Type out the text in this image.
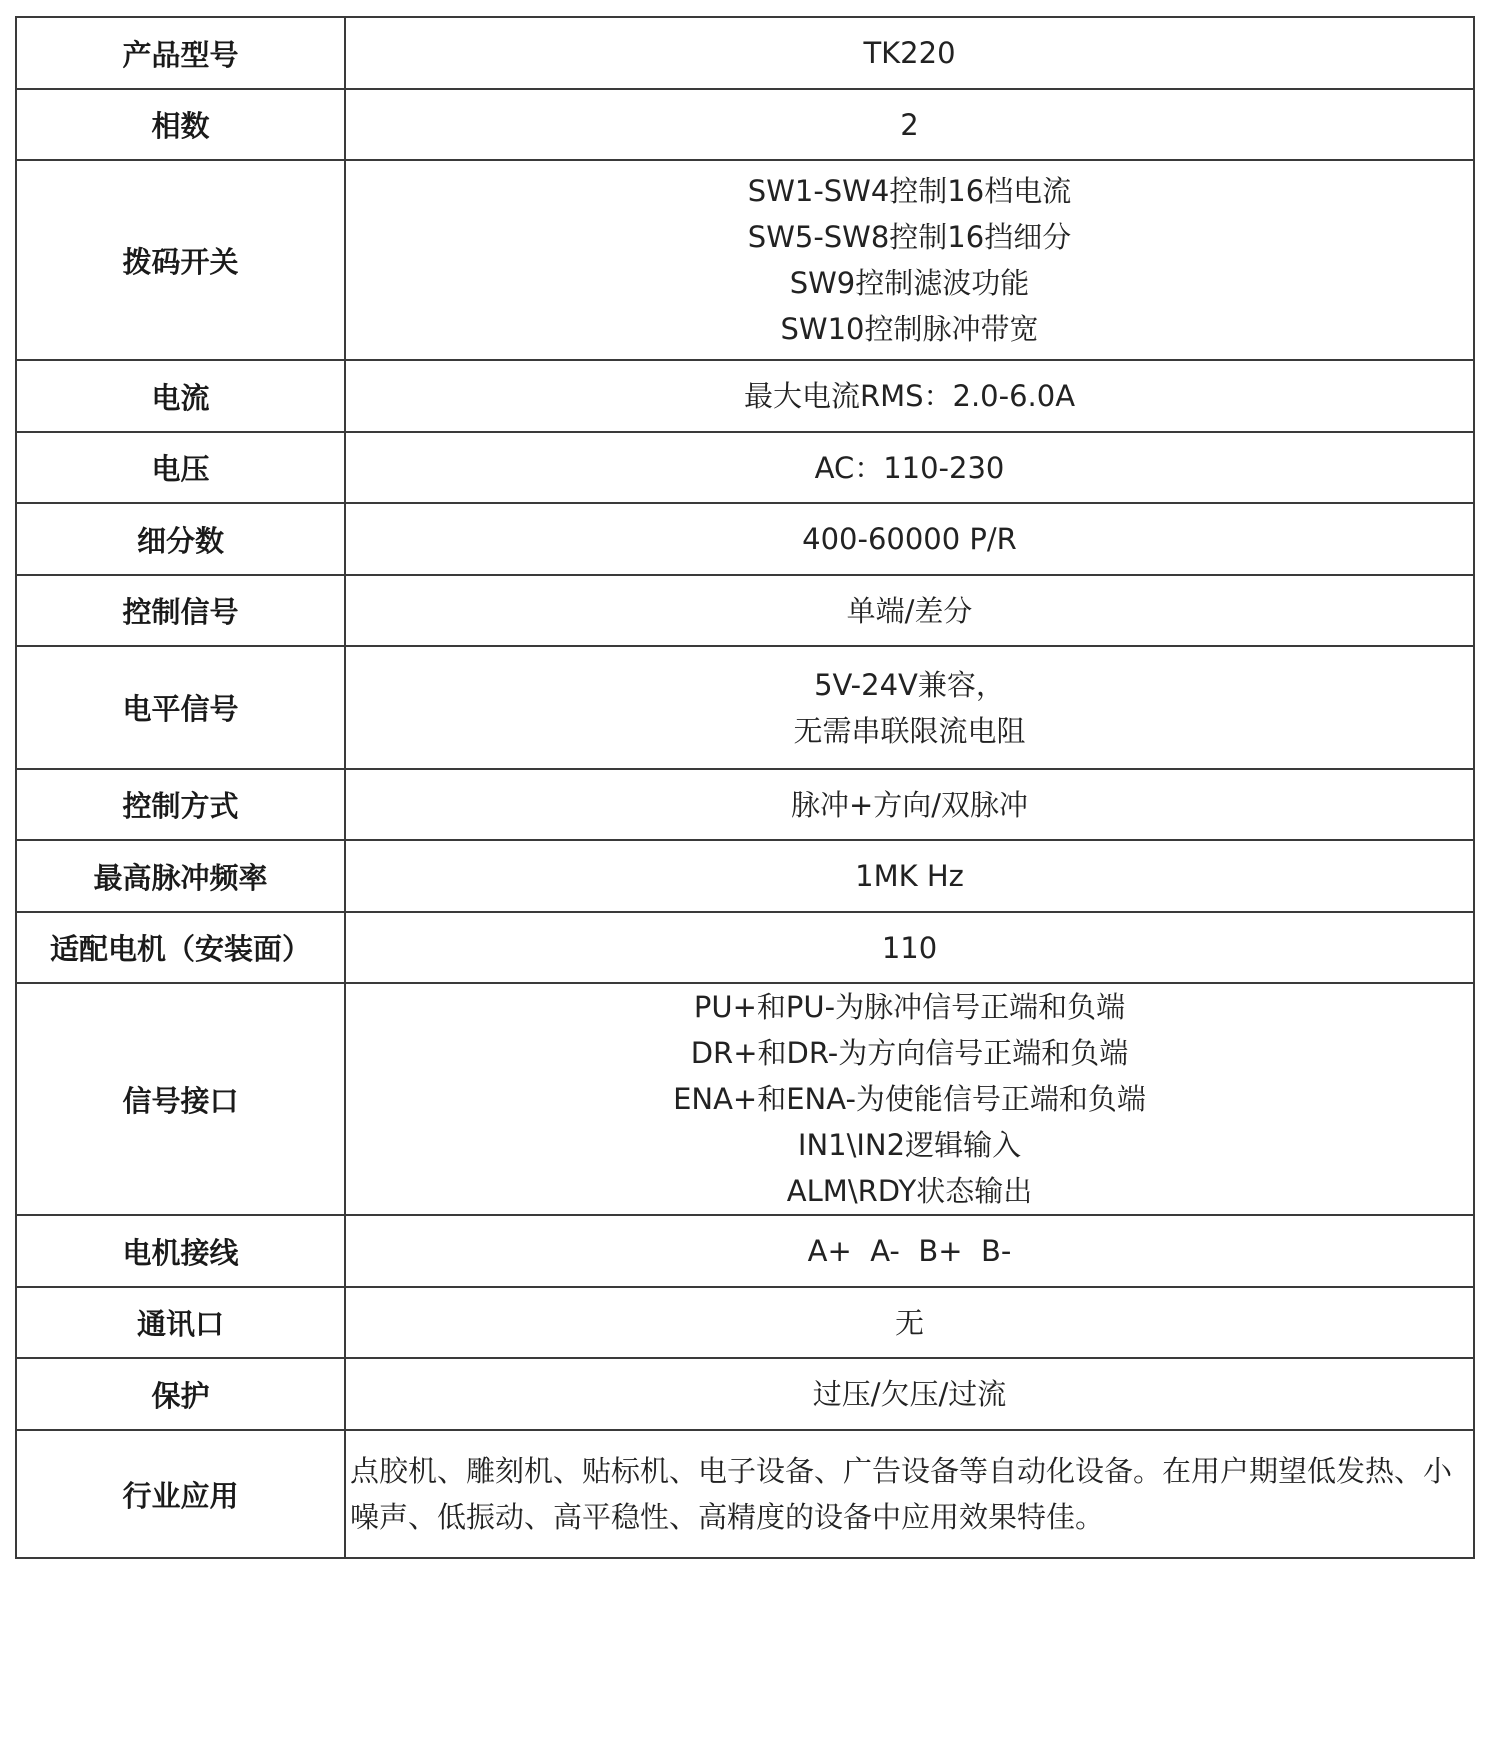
产品型号	TK220

相数	2

拨码开关	SW1-SW4控制16档电流
SW5-SW8控制16挡细分
SW9控制滤波功能
SW10控制脉冲带宽

电流	最大电流RMS：2.0-6.0A

电压	AC：110-230

细分数	400-60000 P/R

控制信号	单端/差分

电平信号	5V-24V兼容，
无需串联限流电阻

控制方式	脉冲+方向/双脉冲

最高脉冲频率	1MK Hz

适配电机（安装面）	110

信号接口	PU+和PU-为脉冲信号正端和负端
DR+和DR-为方向信号正端和负端
ENA+和ENA-为使能信号正端和负端
IN1\IN2逻辑输入
ALM\RDY状态输出

电机接线	A+  A-  B+  B-

通讯口	无

保护	过压/欠压/过流

行业应用	点胶机、雕刻机、贴标机、电子设备、广告设备等自动化设备。在用户期望低发热、小噪声、低振动、高平稳性、高精度的设备中应用效果特佳。
